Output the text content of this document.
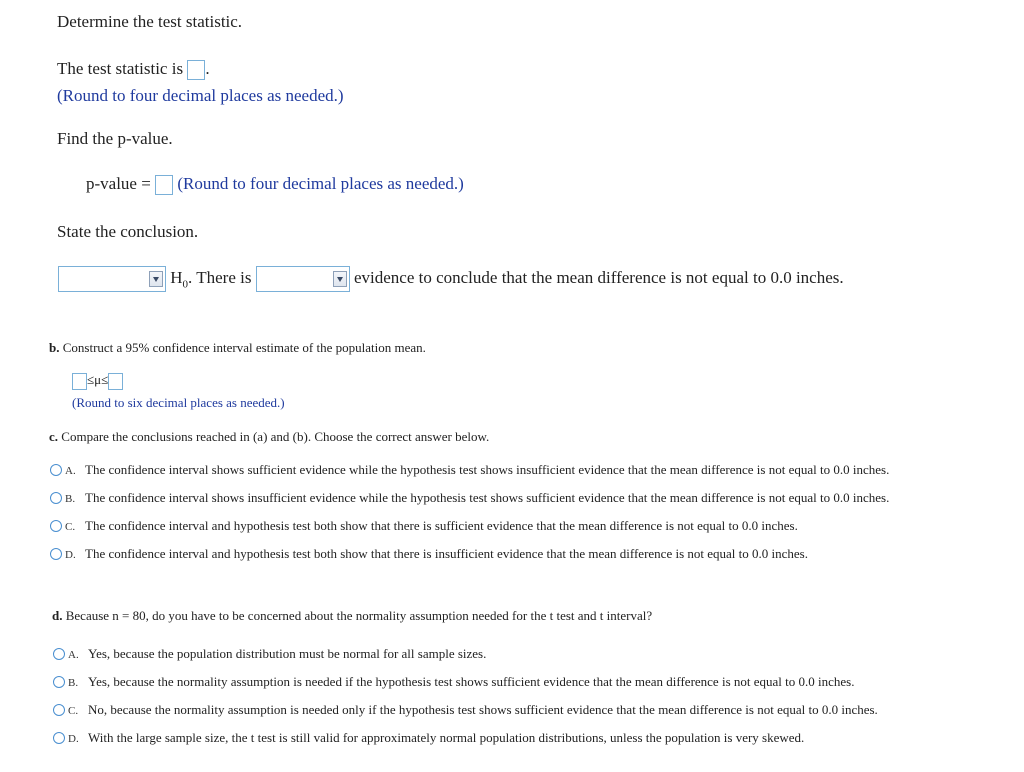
Determine the test statistic.
The test statistic is .
(Round to four decimal places as needed.)
Find the p-value.
p-value = (Round to four decimal places as needed.)
State the conclusion.
$H_0$. There is	evidence to conclude that the mean difference is not equal to 0.0 inches.
b. Construct a 95% confidence interval estimate of the population mean.
≤μ≤
(Round to six decimal places as needed.)
c. Compare the conclusions reached in (a) and (b). Choose the correct answer below.
A. The confidence interval shows sufficient evidence while the hypothesis test shows insufficient evidence that the mean difference is not equal to 0.0 inches.
B. The confidence interval shows insufficient evidence while the hypothesis test shows sufficient evidence that the mean difference is not equal to 0.0 inches.
C. The confidence interval and hypothesis test both show that there is sufficient evidence that the mean difference is not equal to 0.0 inches.
D. The confidence interval and hypothesis test both show that there is insufficient evidence that the mean difference is not equal to 0.0 inches.
d. Because n = 80, do you have to be concerned about the normality assumption needed for the t test and t interval?
A. Yes, because the population distribution must be normal for all sample sizes.
B. Yes, because the normality assumption is needed if the hypothesis test shows sufficient evidence that the mean difference is not equal to 0.0 inches.
C. No, because the normality assumption is needed only if the hypothesis test shows sufficient evidence that the mean difference is not equal to 0.0 inches.
D. With the large sample size, the t test is still valid for approximately normal population distributions, unless the population is very skewed.
